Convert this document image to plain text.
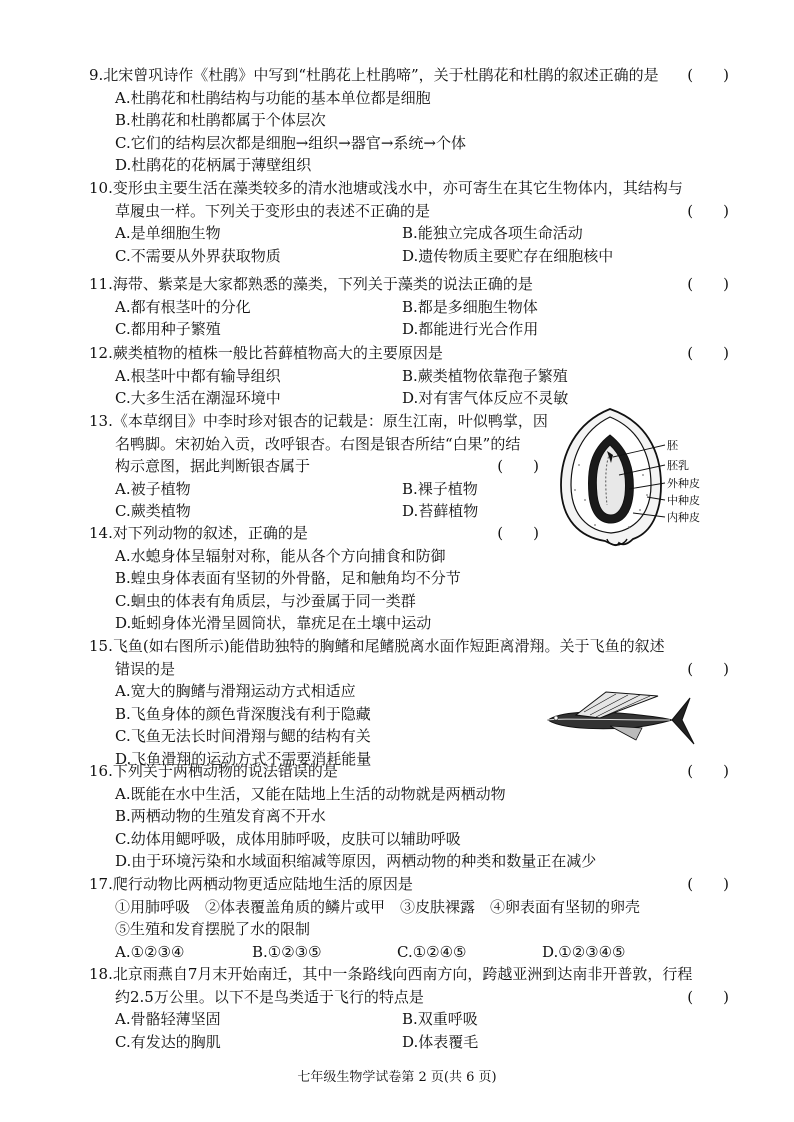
9.北宋曾巩诗作《杜鹃》中写到“杜鹃花上杜鹃啼”，关于杜鹃花和杜鹃的叙述正确的是 (　　)
A.杜鹃花和杜鹃结构与功能的基本单位都是细胞
B.杜鹃花和杜鹃都属于个体层次
C.它们的结构层次都是细胞→组织→器官→系统→个体
D.杜鹃花的花柄属于薄壁组织
10.变形虫主要生活在藻类较多的清水池塘或浅水中，亦可寄生在其它生物体内，其结构与
草履虫一样。下列关于变形虫的表述不正确的是	(　　)
A.是单细胞生物	B.能独立完成各项生命活动
C.不需要从外界获取物质	D.遗传物质主要贮存在细胞核中
11.海带、紫菜是大家都熟悉的藻类，下列关于藻类的说法正确的是	(　　)
A.都有根茎叶的分化	B.都是多细胞生物体
C.都用种子繁殖	D.都能进行光合作用
12.蕨类植物的植株一般比苔藓植物高大的主要原因是	(　　)
A.根茎叶中都有输导组织	B.蕨类植物依靠孢子繁殖
C.大多生活在潮湿环境中	D.对有害气体反应不灵敏
13.《本草纲目》中李时珍对银杏的记载是：原生江南，叶似鸭掌，因
名鸭脚。宋初始入贡，改呼银杏。右图是银杏所结“白果”的结
构示意图，据此判断银杏属于	(　　)
A.被子植物	B.裸子植物
C.蕨类植物	D.苔藓植物
胚
胚乳
外种皮
中种皮
内种皮
14.对下列动物的叙述，正确的是	(　　)
A.水螅身体呈辐射对称，能从各个方向捕食和防御
B.蝗虫身体表面有坚韧的外骨骼，足和触角均不分节
C.蛔虫的体表有角质层，与沙蚕属于同一类群
D.蚯蚓身体光滑呈圆筒状，靠疣足在土壤中运动
15.飞鱼(如右图所示)能借助独特的胸鳍和尾鳍脱离水面作短距离滑翔。关于飞鱼的叙述
错误的是	(　　)
A.宽大的胸鳍与滑翔运动方式相适应
B.飞鱼身体的颜色背深腹浅有利于隐藏
C.飞鱼无法长时间滑翔与鳃的结构有关
D.飞鱼滑翔的运动方式不需要消耗能量
16.下列关于两栖动物的说法错误的是	(　　)
A.既能在水中生活，又能在陆地上生活的动物就是两栖动物
B.两栖动物的生殖发育离不开水
C.幼体用鳃呼吸，成体用肺呼吸，皮肤可以辅助呼吸
D.由于环境污染和水域面积缩减等原因，两栖动物的种类和数量正在减少
17.爬行动物比两栖动物更适应陆地生活的原因是	(　　)
①用肺呼吸　②体表覆盖角质的鳞片或甲　③皮肤裸露　④卵表面有坚韧的卵壳
⑤生殖和发育摆脱了水的限制
A.①②③④	B.①②③⑤	C.①②④⑤	D.①②③④⑤
18.北京雨燕自7月末开始南迁，其中一条路线向西南方向，跨越亚洲到达南非开普敦，行程
约2.5万公里。以下不是鸟类适于飞行的特点是	(　　)
A.骨骼轻薄坚固	B.双重呼吸
C.有发达的胸肌	D.体表覆毛
七年级生物学试卷第 2 页(共 6 页)
